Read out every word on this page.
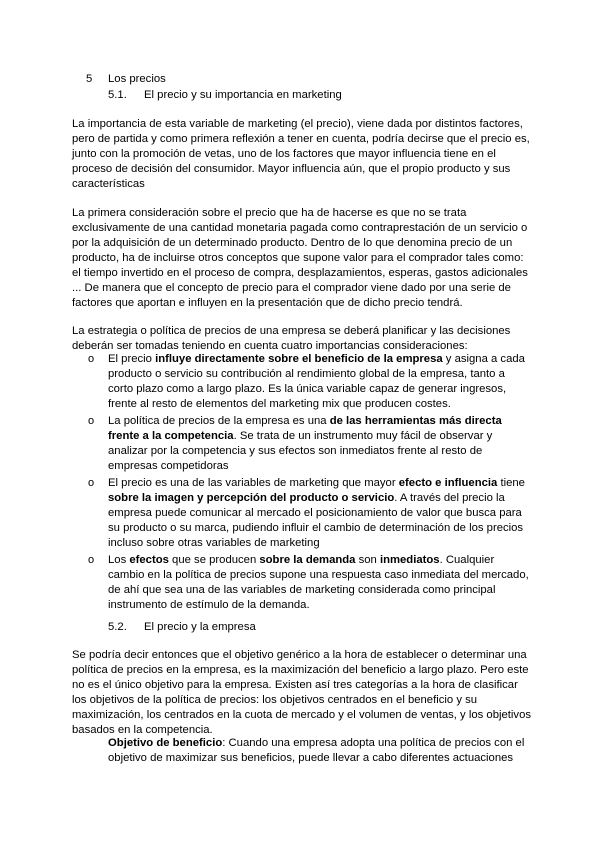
5 Los precios
5.1. El precio y su importancia en marketing

La importancia de esta variable de marketing (el precio), viene dada por distintos factores, pero de partida y como primera reflexión a tener en cuenta, podría decirse que el precio es, junto con la promoción de vetas, uno de los factores que mayor influencia tiene en el proceso de decisión del consumidor. Mayor influencia aún, que el propio producto y sus características

La primera consideración sobre el precio que ha de hacerse es que no se trata exclusivamente de una cantidad monetaria pagada como contraprestación de un servicio o por la adquisición de un determinado producto. Dentro de lo que denomina precio de un producto, ha de incluirse otros conceptos que supone valor para el comprador tales como: el tiempo invertido en el proceso de compra, desplazamientos, esperas, gastos adicionales ... De manera que el concepto de precio para el comprador viene dado por una serie de factores que aportan e influyen en la presentación que de dicho precio tendrá.

La estrategia o política de precios de una empresa se deberá planificar y las decisiones deberán ser tomadas teniendo en cuenta cuatro importancias consideraciones:

o El precio influye directamente sobre el beneficio de la empresa y asigna a cada producto o servicio su contribución al rendimiento global de la empresa, tanto a corto plazo como a largo plazo. Es la única variable capaz de generar ingresos, frente al resto de elementos del marketing mix que producen costes.
o La política de precios de la empresa es una de las herramientas más directa frente a la competencia. Se trata de un instrumento muy fácil de observar y analizar por la competencia y sus efectos son inmediatos frente al resto de empresas competidoras
o El precio es una de las variables de marketing que mayor efecto e influencia tiene sobre la imagen y percepción del producto o servicio. A través del precio la empresa puede comunicar al mercado el posicionamiento de valor que busca para su producto o su marca, pudiendo influir el cambio de determinación de los precios incluso sobre otras variables de marketing
o Los efectos que se producen sobre la demanda son inmediatos. Cualquier cambio en la política de precios supone una respuesta caso inmediata del mercado, de ahí que sea una de las variables de marketing considerada como principal instrumento de estímulo de la demanda.
5.2. El precio y la empresa

Se podría decir entonces que el objetivo genérico a la hora de establecer o determinar una política de precios en la empresa, es la maximización del beneficio a largo plazo. Pero este no es el único objetivo para la empresa. Existen así tres categorías a la hora de clasificar los objetivos de la política de precios: los objetivos centrados en el beneficio y su maximización, los centrados en la cuota de mercado y el volumen de ventas, y los objetivos basados en la competencia.

Objetivo de beneficio: Cuando una empresa adopta una política de precios con el objetivo de maximizar sus beneficios, puede llevar a cabo diferentes actuaciones
